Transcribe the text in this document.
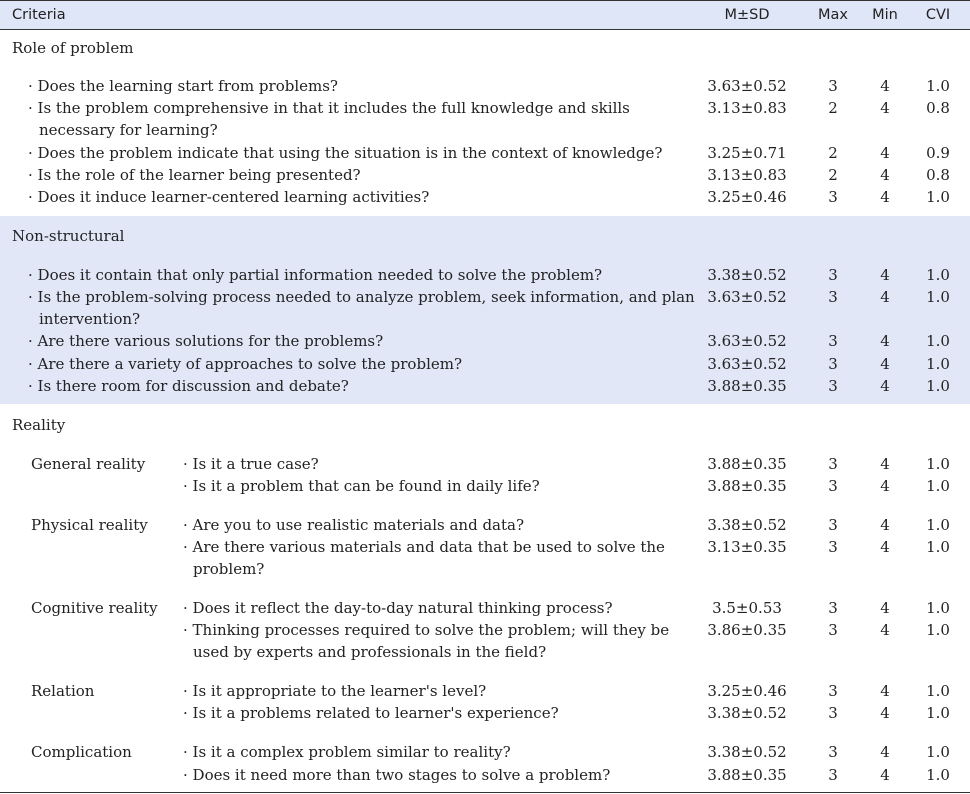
Criteria	M±SD	Max	Min	CVI
Role of problem
· Does the learning start from problems?	3.63±0.52	3	4	1.0
· Is the problem comprehensive in that it includes the full knowledge and skills
necessary for learning?
3.13±0.83	2	4	0.8
· Does the problem indicate that using the situation is in the context of knowledge?	3.25±0.71	2	4	0.9
· Is the role of the learner being presented?	3.13±0.83	2	4	0.8
· Does it induce learner-centered learning activities?	3.25±0.46	3	4	1.0
Non-structural
· Does it contain that only partial information needed to solve the problem?	3.38±0.52	3	4	1.0
· Is the problem-solving process needed to analyze problem, seek information, and plan
intervention?
3.63±0.52	3	4	1.0
· Are there various solutions for the problems?	3.63±0.52	3	4	1.0
· Are there a variety of approaches to solve the problem?	3.63±0.52	3	4	1.0
· Is there room for discussion and debate?	3.88±0.35	3	4	1.0
Reality
General reality	· Is it a true case?	3.88±0.35	3	4	1.0
· Is it a problem that can be found in daily life?	3.88±0.35	3	4	1.0
Physical reality · Are you to use realistic materials and data?	3.38±0.52	3	4	1.0
· Are there various materials and data that be used to solve the
problem?
3.13±0.35	3	4	1.0
Cognitive reality · Does it reflect the day-to-day natural thinking process?	3.5±0.53	3	4	1.0
· Thinking processes required to solve the problem; will they be
used by experts and professionals in the field?
3.86±0.35	3	4	1.0
Relation	· Is it appropriate to the learner's level?	3.25±0.46	3	4	1.0
· Is it a problems related to learner's experience?	3.38±0.52	3	4	1.0
Complication	· Is it a complex problem similar to reality?	3.38±0.52	3	4	1.0
· Does it need more than two stages to solve a problem?	3.88±0.35	3	4	1.0
